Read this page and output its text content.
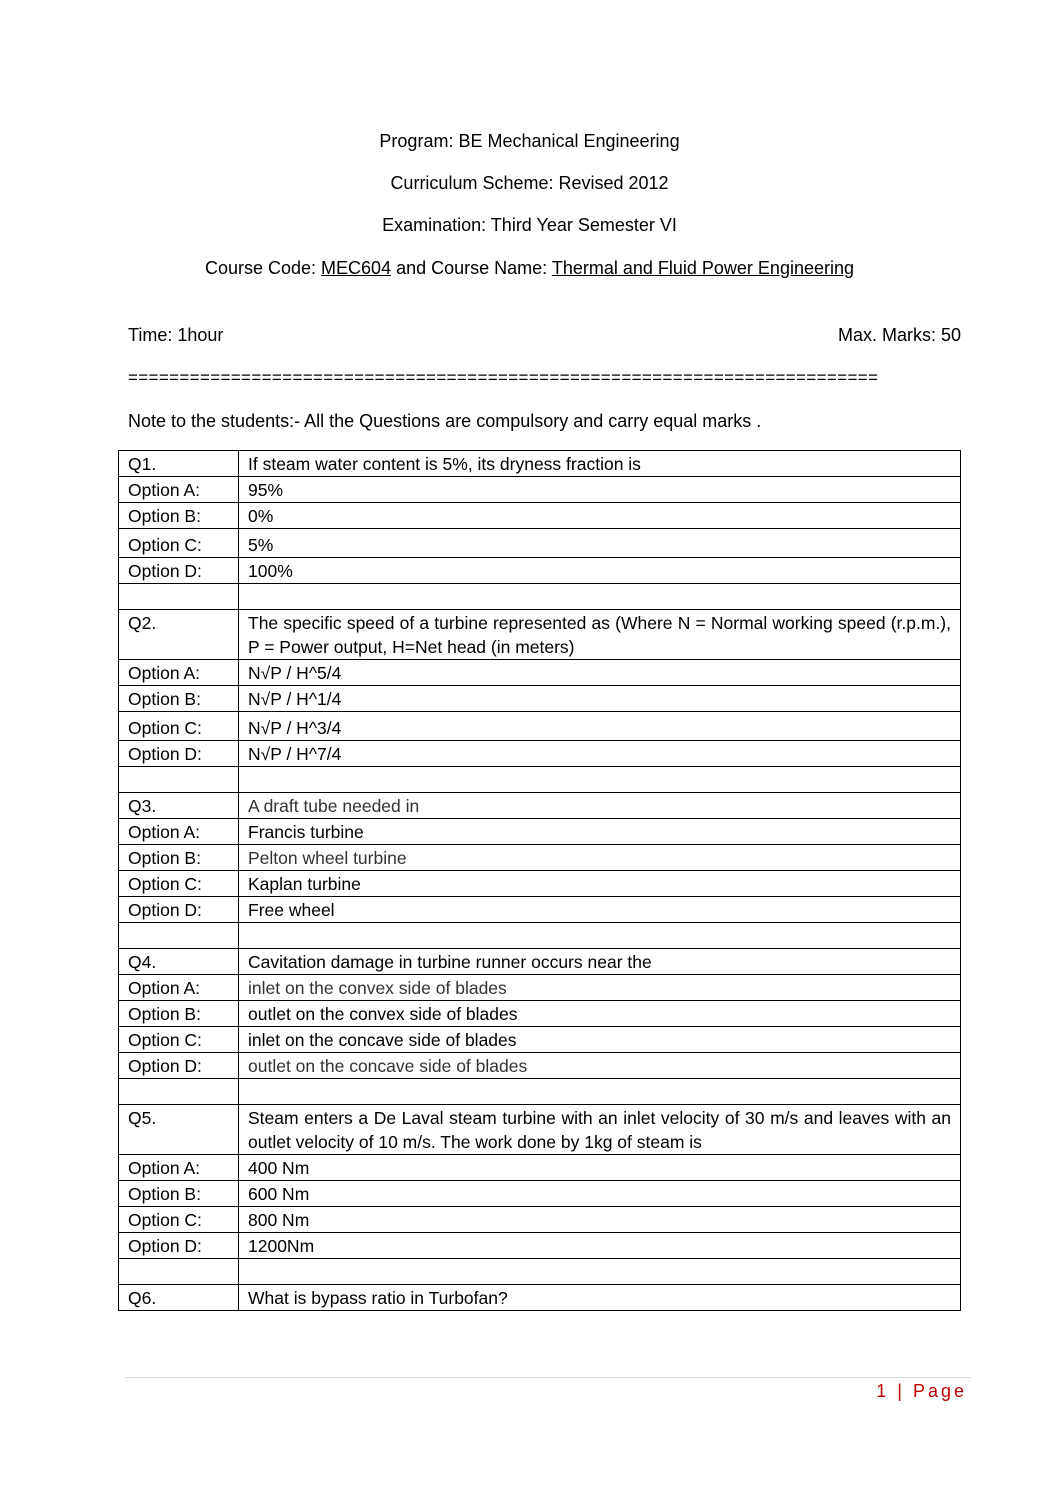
Program: BE Mechanical Engineering
Curriculum Scheme: Revised 2012
Examination: Third Year Semester VI
Course Code: MEC604 and Course Name: Thermal and Fluid Power Engineering
Time: 1hour	Max. Marks: 50
=========================================================================
Note to the students:- All the Questions are compulsory and carry equal marks .
Q1.	If steam water content is 5%, its dryness fraction is
Option A:	95%
Option B:	0%
Option C:	5%
Option D:	100%

Q2.	The specific speed of a turbine represented as (Where N = Normal working speed (r.p.m.), P = Power output, H=Net head (in meters)
Option A:	N√P / H^5/4
Option B:	N√P / H^1/4
Option C:	N√P / H^3/4
Option D:	N√P / H^7/4

Q3.	A draft tube needed in
Option A:	Francis turbine
Option B:	Pelton wheel turbine
Option C:	Kaplan turbine
Option D:	Free wheel

Q4.	Cavitation damage in turbine runner occurs near the
Option A:	inlet on the convex side of blades
Option B:	outlet on the convex side of blades
Option C:	inlet on the concave side of blades
Option D:	outlet on the concave side of blades

Q5.	Steam enters a De Laval steam turbine with an inlet velocity of 30 m/s and leaves with an outlet velocity of 10 m/s. The work done by 1kg of steam is
Option A:	400 Nm
Option B:	600 Nm
Option C:	800 Nm
Option D:	1200Nm

Q6.	What is bypass ratio in Turbofan?
1 | Page
